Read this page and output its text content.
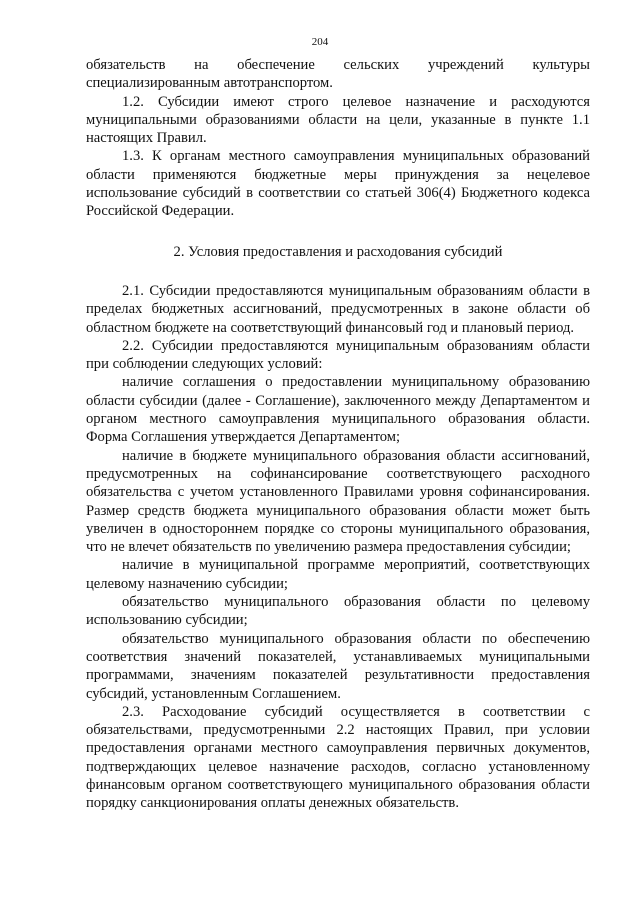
204

обязательств на обеспечение сельских учреждений культуры специализированным автотранспортом.

1.2. Субсидии имеют строго целевое назначение и расходуются муниципальными образованиями области на цели, указанные в пункте 1.1 настоящих Правил.

1.3. К органам местного самоуправления муниципальных образований области применяются бюджетные меры принуждения за нецелевое использование субсидий в соответствии со статьей 306(4) Бюджетного кодекса Российской Федерации.

2. Условия предоставления и расходования субсидий

2.1. Субсидии предоставляются муниципальным образованиям области в пределах бюджетных ассигнований, предусмотренных в законе области об областном бюджете на соответствующий финансовый год и плановый период.

2.2. Субсидии предоставляются муниципальным образованиям области при соблюдении следующих условий:

наличие соглашения о предоставлении муниципальному образованию области субсидии (далее - Соглашение), заключенного между Департаментом и органом местного самоуправления муниципального образования области. Форма Соглашения утверждается Департаментом;

наличие в бюджете муниципального образования области ассигнований, предусмотренных на софинансирование соответствующего расходного обязательства с учетом установленного Правилами уровня софинансирования. Размер средств бюджета муниципального образования области может быть увеличен в одностороннем порядке со стороны муниципального образования, что не влечет обязательств по увеличению размера предоставления субсидии;

наличие в муниципальной программе мероприятий, соответствующих целевому назначению субсидии;

обязательство муниципального образования области по целевому использованию субсидии;

обязательство муниципального образования области по обеспечению соответствия значений показателей, устанавливаемых муниципальными программами, значениям показателей результативности предоставления субсидий, установленным Соглашением.

2.3. Расходование субсидий осуществляется в соответствии с обязательствами, предусмотренными 2.2 настоящих Правил, при условии предоставления органами местного самоуправления первичных документов, подтверждающих целевое назначение расходов, согласно установленному финансовым органом соответствующего муниципального образования области порядку санкционирования оплаты денежных обязательств.
